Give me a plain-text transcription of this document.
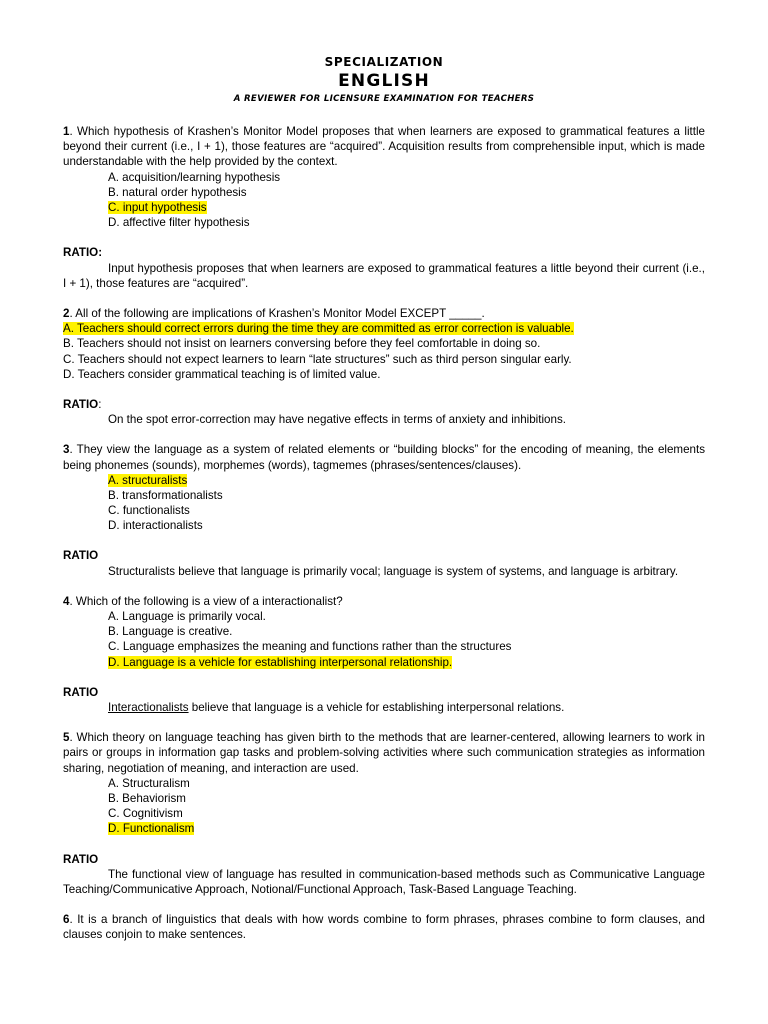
SPECIALIZATION
ENGLISH
A REVIEWER FOR LICENSURE EXAMINATION FOR TEACHERS
1. Which hypothesis of Krashen’s Monitor Model proposes that when learners are exposed to grammatical features a little beyond their current (i.e., I + 1), those features are “acquired”. Acquisition results from comprehensible input, which is made understandable with the help provided by the context.
A. acquisition/learning hypothesis
B. natural order hypothesis
C. input hypothesis
D. affective filter hypothesis
RATIO:
Input hypothesis proposes that when learners are exposed to grammatical features a little beyond their current (i.e., I + 1), those features are “acquired”.
2. All of the following are implications of Krashen’s Monitor Model EXCEPT _____.
A. Teachers should correct errors during the time they are committed as error correction is valuable.
B. Teachers should not insist on learners conversing before they feel comfortable in doing so.
C. Teachers should not expect learners to learn “late structures” such as third person singular early.
D. Teachers consider grammatical teaching is of limited value.
RATIO:
On the spot error-correction may have negative effects in terms of anxiety and inhibitions.
3. They view the language as a system of related elements or “building blocks” for the encoding of meaning, the elements being phonemes (sounds), morphemes (words), tagmemes (phrases/sentences/clauses).
A. structuralists
B. transformationalists
C. functionalists
D. interactionalists
RATIO
Structuralists believe that language is primarily vocal; language is system of systems, and language is arbitrary.
4. Which of the following is a view of a interactionalist?
A. Language is primarily vocal.
B. Language is creative.
C. Language emphasizes the meaning and functions rather than the structures
D. Language is a vehicle for establishing interpersonal relationship.
RATIO
Interactionalists believe that language is a vehicle for establishing interpersonal relations.
5. Which theory on language teaching has given birth to the methods that are learner-centered, allowing learners to work in pairs or groups in information gap tasks and problem-solving activities where such communication strategies as information sharing, negotiation of meaning, and interaction are used.
A. Structuralism
B. Behaviorism
C. Cognitivism
D. Functionalism
RATIO
The functional view of language has resulted in communication-based methods such as Communicative Language Teaching/Communicative Approach, Notional/Functional Approach, Task-Based Language Teaching.
6. It is a branch of linguistics that deals with how words combine to form phrases, phrases combine to form clauses, and clauses conjoin to make sentences.
